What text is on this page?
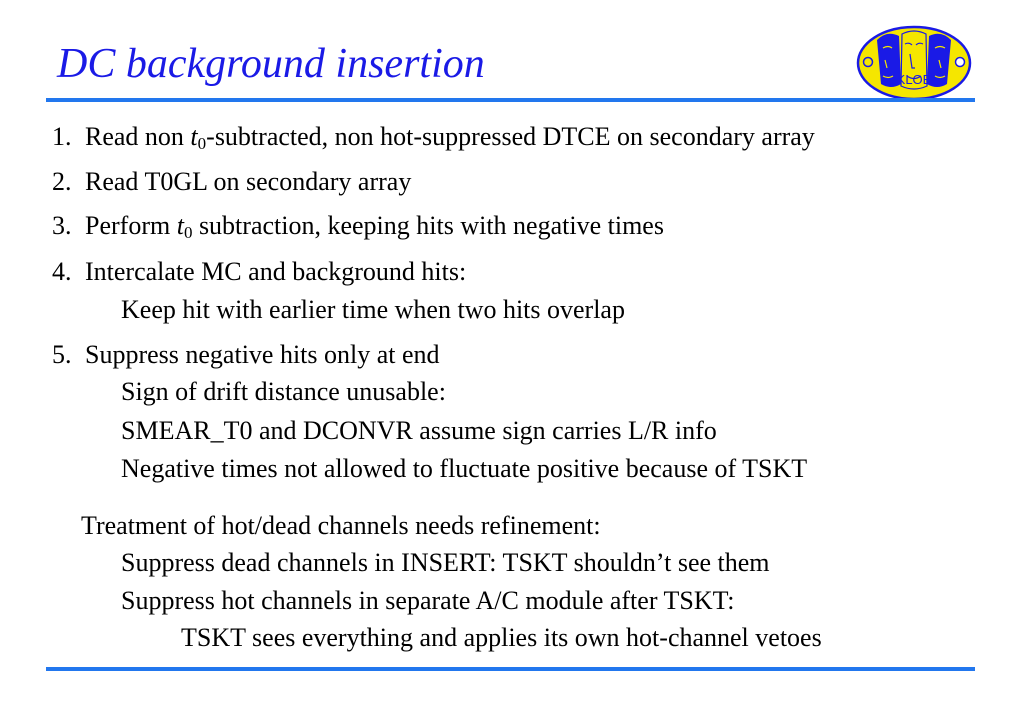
DC background insertion	KLOE
1. Read non $t_0$-subtracted, non hot-suppressed DTCE on secondary array
2. Read T0GL on secondary array
3. Perform $t_0$ subtraction, keeping hits with negative times
4. Intercalate MC and background hits:
Keep hit with earlier time when two hits overlap
5. Suppress negative hits only at end
Sign of drift distance unusable:
SMEAR_T0 and DCONVR assume sign carries L/R info
Negative times not allowed to fluctuate positive because of TSKT
Treatment of hot/dead channels needs refinement:
Suppress dead channels in INSERT: TSKT shouldn’t see them
Suppress hot channels in separate A/C module after TSKT:
TSKT sees everything and applies its own hot-channel vetoes
